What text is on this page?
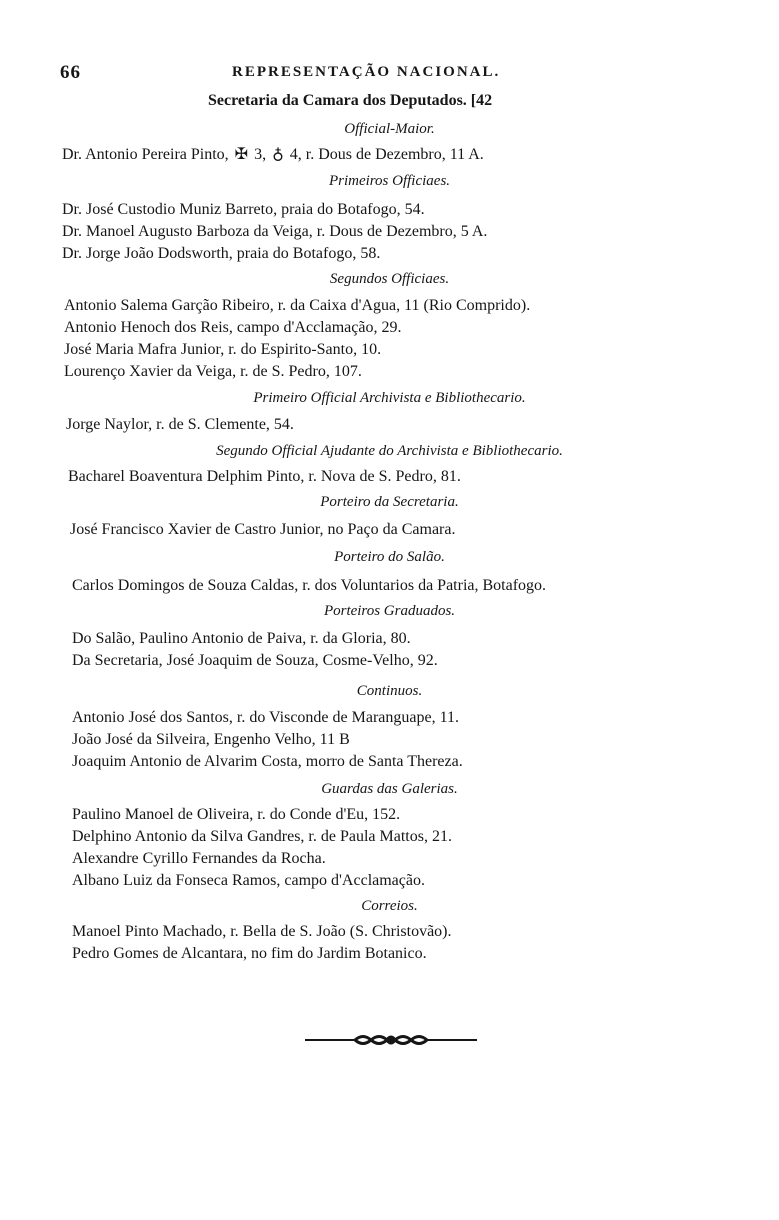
66	REPRESENTAÇÃO NACIONAL.
Secretaria da Camara dos Deputados. [42
Official-Maior.
Dr. Antonio Pereira Pinto, ✠ 3, ♁ 4, r. Dous de Dezembro, 11 A.
Primeiros Officiaes.
Dr. José Custodio Muniz Barreto, praia do Botafogo, 54.
Dr. Manoel Augusto Barboza da Veiga, r. Dous de Dezembro, 5 A.
Dr. Jorge João Dodsworth, praia do Botafogo, 58.
Segundos Officiaes.
Antonio Salema Garção Ribeiro, r. da Caixa d'Agua, 11 (Rio Comprido).
Antonio Henoch dos Reis, campo d'Acclamação, 29.
José Maria Mafra Junior, r. do Espirito-Santo, 10.
Lourenço Xavier da Veiga, r. de S. Pedro, 107.
Primeiro Official Archivista e Bibliothecario.
Jorge Naylor, r. de S. Clemente, 54.
Segundo Official Ajudante do Archivista e Bibliothecario.
Bacharel Boaventura Delphim Pinto, r. Nova de S. Pedro, 81.
Porteiro da Secretaria.
José Francisco Xavier de Castro Junior, no Paço da Camara.
Porteiro do Salão.
Carlos Domingos de Souza Caldas, r. dos Voluntarios da Patria, Botafogo.
Porteiros Graduados.
Do Salão, Paulino Antonio de Paiva, r. da Gloria, 80.
Da Secretaria, José Joaquim de Souza, Cosme-Velho, 92.
Continuos.
Antonio José dos Santos, r. do Visconde de Maranguape, 11.
João José da Silveira, Engenho Velho, 11 B
Joaquim Antonio de Alvarim Costa, morro de Santa Thereza.
Guardas das Galerias.
Paulino Manoel de Oliveira, r. do Conde d'Eu, 152.
Delphino Antonio da Silva Gandres, r. de Paula Mattos, 21.
Alexandre Cyrillo Fernandes da Rocha.
Albano Luiz da Fonseca Ramos, campo d'Acclamação.
Correios.
Manoel Pinto Machado, r. Bella de S. João (S. Christovão).
Pedro Gomes de Alcantara, no fim do Jardim Botanico.
